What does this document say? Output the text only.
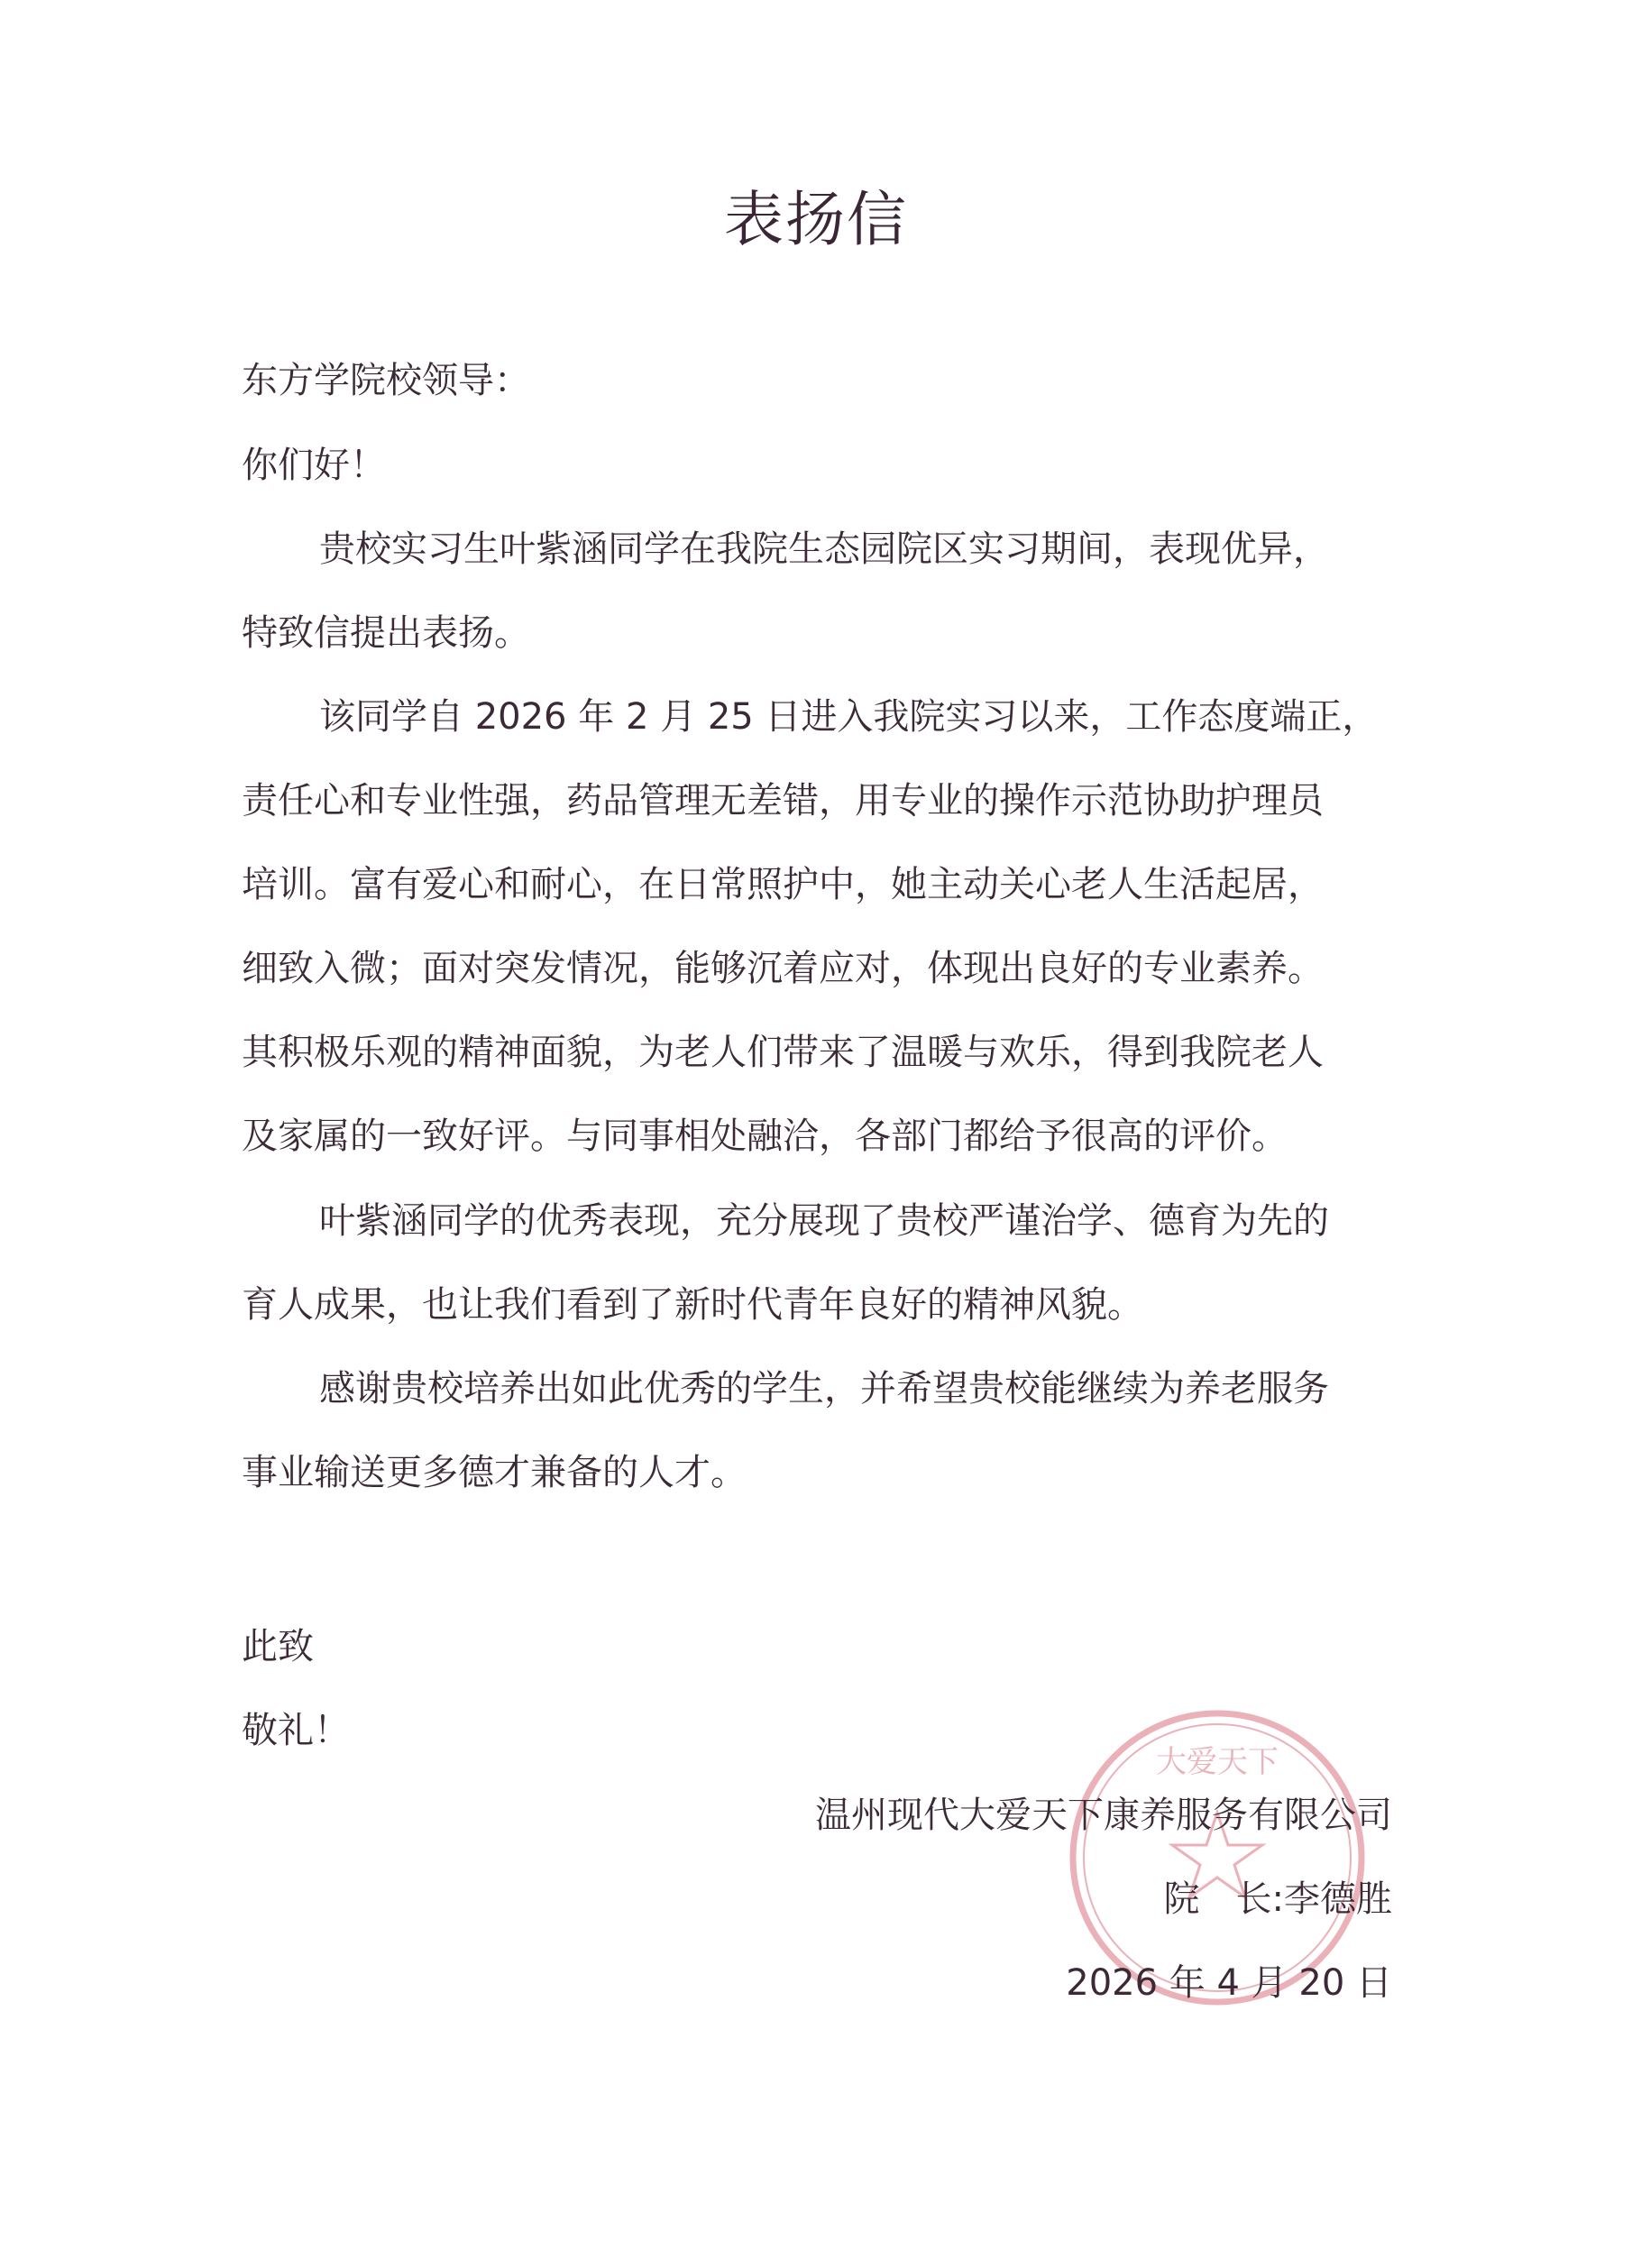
表扬信
东方学院校领导：
你们好！
贵校实习生叶紫涵同学在我院生态园院区实习期间，表现优异，
特致信提出表扬。
该同学自 2026 年 2 月 25 日进入我院实习以来，工作态度端正，
责任心和专业性强，药品管理无差错，用专业的操作示范协助护理员
培训。富有爱心和耐心，在日常照护中，她主动关心老人生活起居，
细致入微；面对突发情况，能够沉着应对，体现出良好的专业素养。
其积极乐观的精神面貌，为老人们带来了温暖与欢乐，得到我院老人
及家属的一致好评。与同事相处融洽，各部门都给予很高的评价。
叶紫涵同学的优秀表现，充分展现了贵校严谨治学、德育为先的
育人成果，也让我们看到了新时代青年良好的精神风貌。
感谢贵校培养出如此优秀的学生，并希望贵校能继续为养老服务
事业输送更多德才兼备的人才。
此致
敬礼！
大爱天下
温州现代大爱天下康养服务有限公司
院　长:李德胜
2026 年 4 月 20 日
